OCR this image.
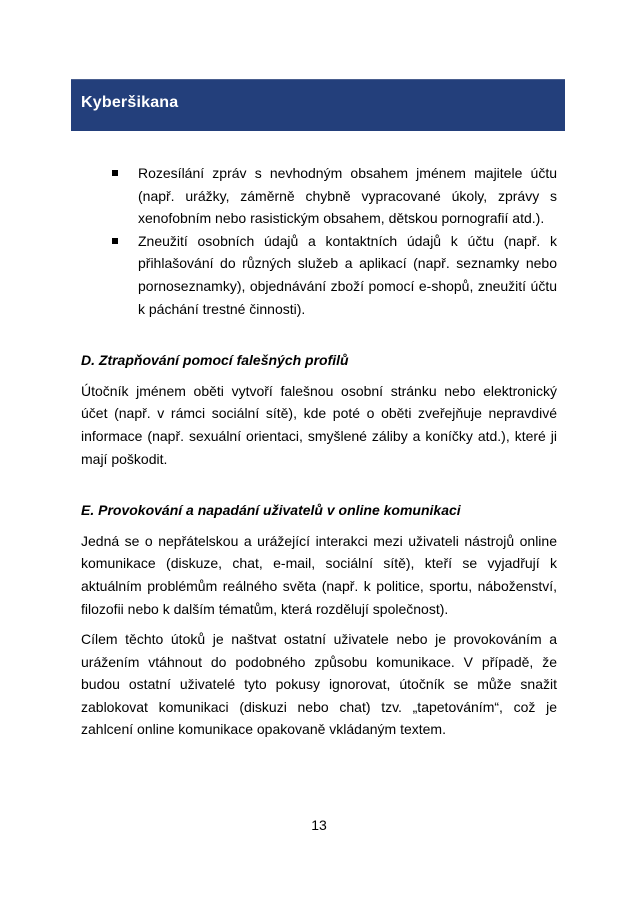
Kyberšikana
Rozesílání zpráv s nevhodným obsahem jménem majitele účtu (např. urážky, záměrně chybně vypracované úkoly, zprávy s xenofobním nebo rasistickým obsahem, dětskou pornografií atd.).
Zneužití osobních údajů a kontaktních údajů k účtu (např. k přihlašování do různých služeb a aplikací (např. seznamky nebo pornoseznamky), objednávání zboží pomocí e-shopů, zneužití účtu k páchání trestné činnosti).
D. Ztrapňování pomocí falešných profilů

Útočník jménem oběti vytvoří falešnou osobní stránku nebo elektronický účet (např. v rámci sociální sítě), kde poté o oběti zveřejňuje nepravdivé informace (např. sexuální orientaci, smyšlené záliby a koníčky atd.), které ji mají poškodit.

E. Provokování a napadání uživatelů v online komunikaci

Jedná se o nepřátelskou a urážející interakci mezi uživateli nástrojů online komunikace (diskuze, chat, e-mail, sociální sítě), kteří se vyjadřují k aktuálním problémům reálného světa (např. k politice, sportu, náboženství, filozofii nebo k dalším tématům, která rozdělují společnost).

Cílem těchto útoků je naštvat ostatní uživatele nebo je provokováním a urážením vtáhnout do podobného způsobu komunikace. V případě, že budou ostatní uživatelé tyto pokusy ignorovat, útočník se může snažit zablokovat komunikaci (diskuzi nebo chat) tzv. „tapetováním“, což je zahlcení online komunikace opakovaně vkládaným textem.

13
